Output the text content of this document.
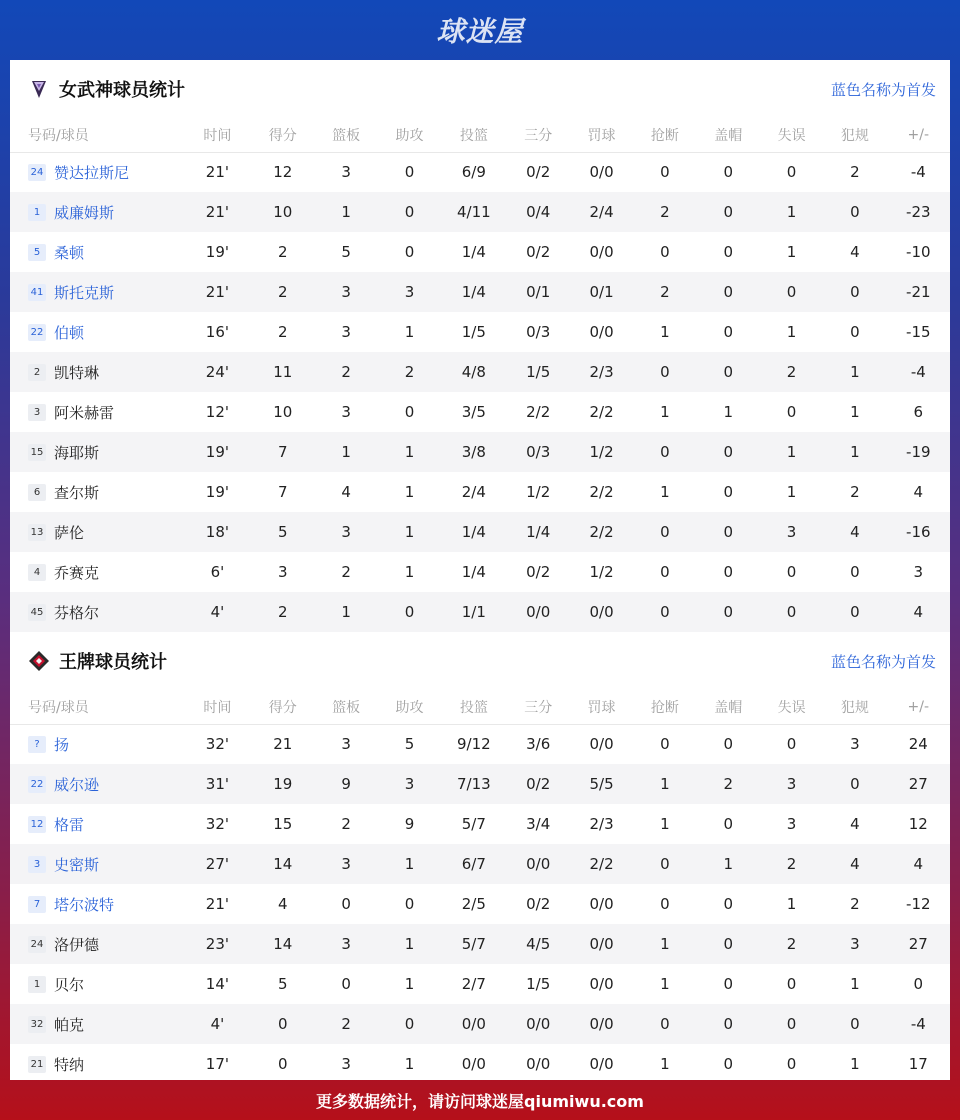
球迷屋
女武神球员统计	蓝色名称为首发
号码/球员	时间	得分	篮板	助攻	投篮	三分	罚球	抢断	盖帽	失误	犯规	+/-
24 赞达拉斯尼	21'	12	3	0	6/9	0/2	0/0	0	0	0	2	-4
1 威廉姆斯	21'	10	1	0	4/11	0/4	2/4	2	0	1	0	-23
5 桑顿	19'	2	5	0	1/4	0/2	0/0	0	0	1	4	-10
41 斯托克斯	21'	2	3	3	1/4	0/1	0/1	2	0	0	0	-21
22 伯顿	16'	2	3	1	1/5	0/3	0/0	1	0	1	0	-15
2 凯特琳	24'	11	2	2	4/8	1/5	2/3	0	0	2	1	-4
3 阿米赫雷	12'	10	3	0	3/5	2/2	2/2	1	1	0	1	6
15 海耶斯	19'	7	1	1	3/8	0/3	1/2	0	0	1	1	-19
6 查尔斯	19'	7	4	1	2/4	1/2	2/2	1	0	1	2	4
13 萨伦	18'	5	3	1	1/4	1/4	2/2	0	0	3	4	-16
4 乔赛克	6'	3	2	1	1/4	0/2	1/2	0	0	0	0	3
45 芬格尔	4'	2	1	0	1/1	0/0	0/0	0	0	0	0	4
王牌球员统计	蓝色名称为首发
号码/球员	时间	得分	篮板	助攻	投篮	三分	罚球	抢断	盖帽	失误	犯规	+/-
? 扬	32'	21	3	5	9/12	3/6	0/0	0	0	0	3	24
22 威尔逊	31'	19	9	3	7/13	0/2	5/5	1	2	3	0	27
12 格雷	32'	15	2	9	5/7	3/4	2/3	1	0	3	4	12
3 史密斯	27'	14	3	1	6/7	0/0	2/2	0	1	2	4	4
7 塔尔波特	21'	4	0	0	2/5	0/2	0/0	0	0	1	2	-12
24 洛伊德	23'	14	3	1	5/7	4/5	0/0	1	0	2	3	27
1 贝尔	14'	5	0	1	2/7	1/5	0/0	1	0	0	1	0
32 帕克	4'	0	2	0	0/0	0/0	0/0	0	0	0	0	-4
21 特纳	17'	0	3	1	0/0	0/0	0/0	1	0	0	1	17
更多数据统计，请访问球迷屋qiumiwu.com
